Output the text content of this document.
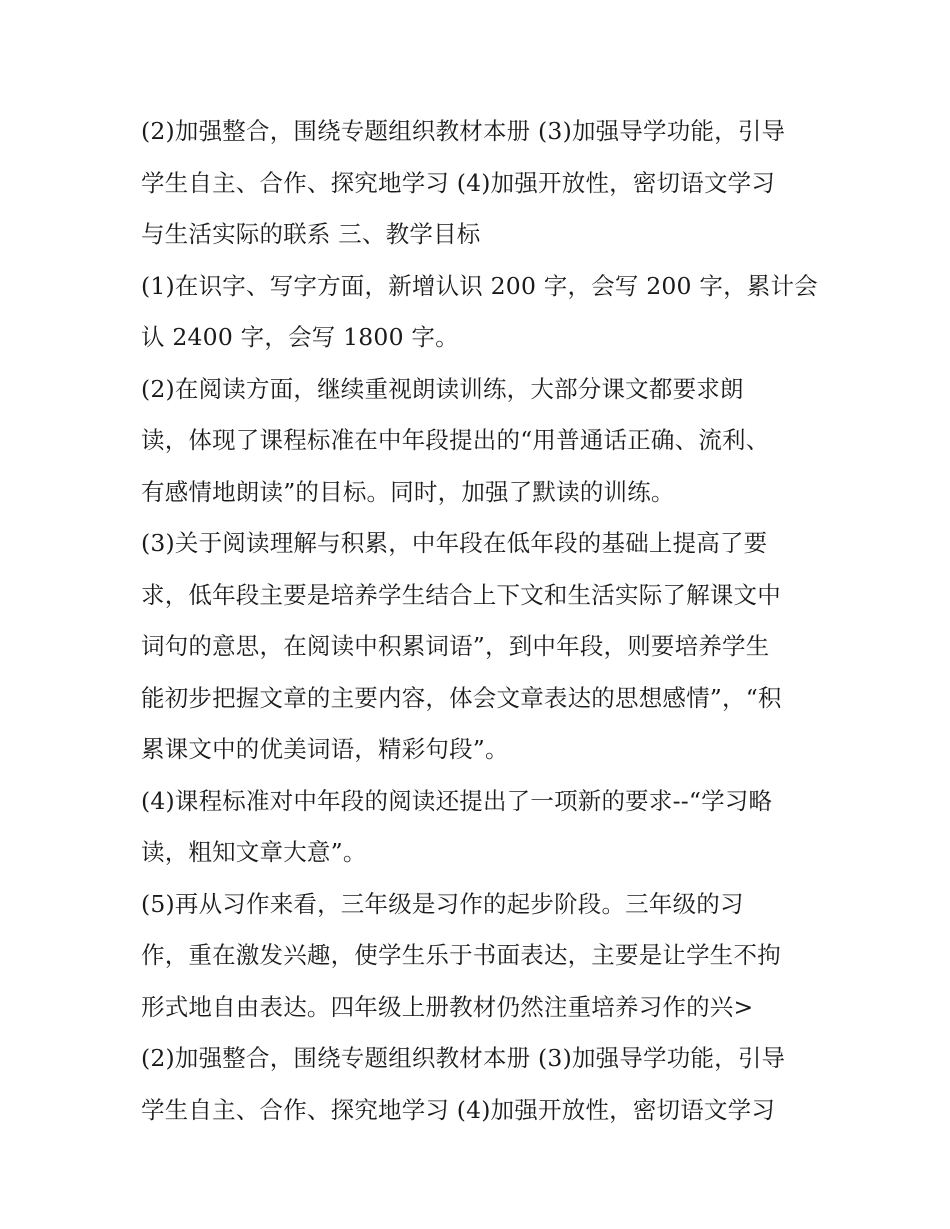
(2)加强整合，围绕专题组织教材本册 (3)加强导学功能，引导
学生自主、合作、探究地学习 (4)加强开放性，密切语文学习
与生活实际的联系 三、教学目标
(1)在识字、写字方面，新增认识 200 字，会写 200 字，累计会
认 2400 字，会写 1800 字。
(2)在阅读方面，继续重视朗读训练，大部分课文都要求朗
读，体现了课程标准在中年段提出的“用普通话正确、流利、
有感情地朗读”的目标。同时，加强了默读的训练。
(3)关于阅读理解与积累，中年段在低年段的基础上提高了要
求，低年段主要是培养学生结合上下文和生活实际了解课文中
词句的意思，在阅读中积累词语”，到中年段，则要培养学生
能初步把握文章的主要内容，体会文章表达的思想感情”，“积
累课文中的优美词语，精彩句段”。
(4)课程标准对中年段的阅读还提出了一项新的要求--“学习略
读，粗知文章大意”。
(5)再从习作来看，三年级是习作的起步阶段。三年级的习
作，重在激发兴趣，使学生乐于书面表达，主要是让学生不拘
形式地自由表达。四年级上册教材仍然注重培养习作的兴>
(2)加强整合，围绕专题组织教材本册 (3)加强导学功能，引导
学生自主、合作、探究地学习 (4)加强开放性，密切语文学习
